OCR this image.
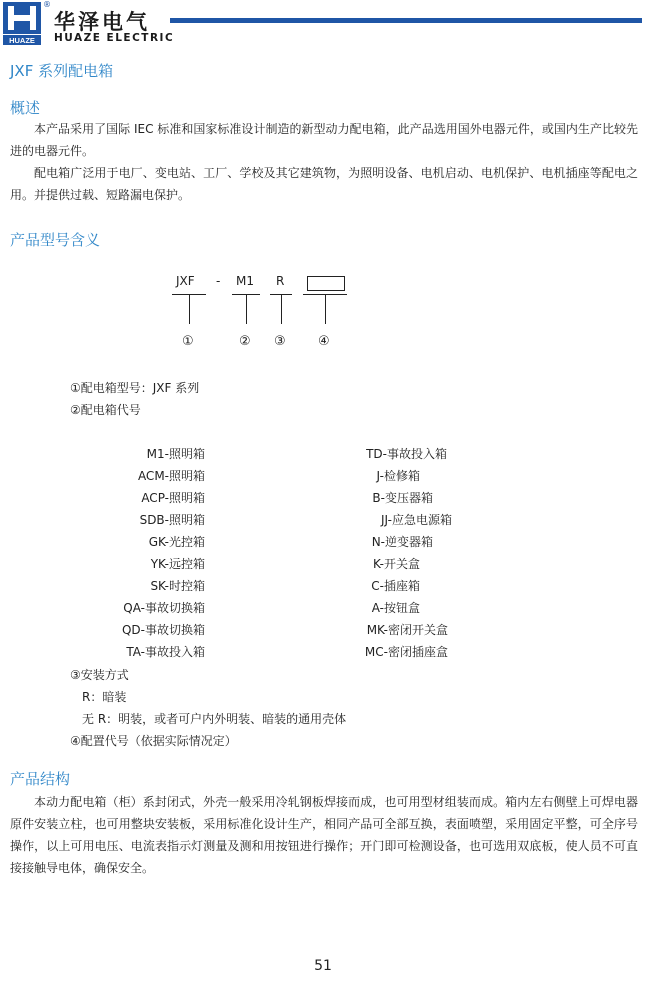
HUAZE
®
华泽电气
HUAZE ELECTRIC
JXF 系列配电箱
概述
本产品采用了国际 IEC 标准和国家标准设计制造的新型动力配电箱，此产品选用国外电器元件，或国内生产比较先进的电器元件。
配电箱广泛用于电厂、变电站、工厂、学校及其它建筑物，为照明设备、电机启动、电机保护、电机插座等配电之用。并提供过载、短路漏电保护。
产品型号含义
JXF - M1 R
①	② ③ ④
①配电箱型号：JXF 系列
②配电箱代号
M1-照明箱
ACM-照明箱
ACP-照明箱
SDB-照明箱
GK-光控箱
YK-远控箱
SK-时控箱
QA-事故切换箱
QD-事故切换箱
TA-事故投入箱
TD-事故投入箱
J-检修箱
B-变压器箱
JJ-应急电源箱
N-逆变器箱
K-开关盒
C-插座箱
A-按钮盒
MK-密闭开关盒
MC-密闭插座盒
③安装方式
R：暗装
无 R：明装，或者可户内外明装、暗装的通用壳体
④配置代号（依据实际情况定）
产品结构
本动力配电箱（柜）系封闭式，外壳一般采用冷轧钢板焊接而成，也可用型材组装而成。箱内左右侧壁上可焊电器原件安装立柱，也可用整块安装板，采用标准化设计生产，相同产品可全部互换，表面喷塑，采用固定平整，可全序号操作，以上可用电压、电流表指示灯测量及测和用按钮进行操作；开门即可检测设备，也可选用双底板，使人员不可直接接触导电体，确保安全。
51
